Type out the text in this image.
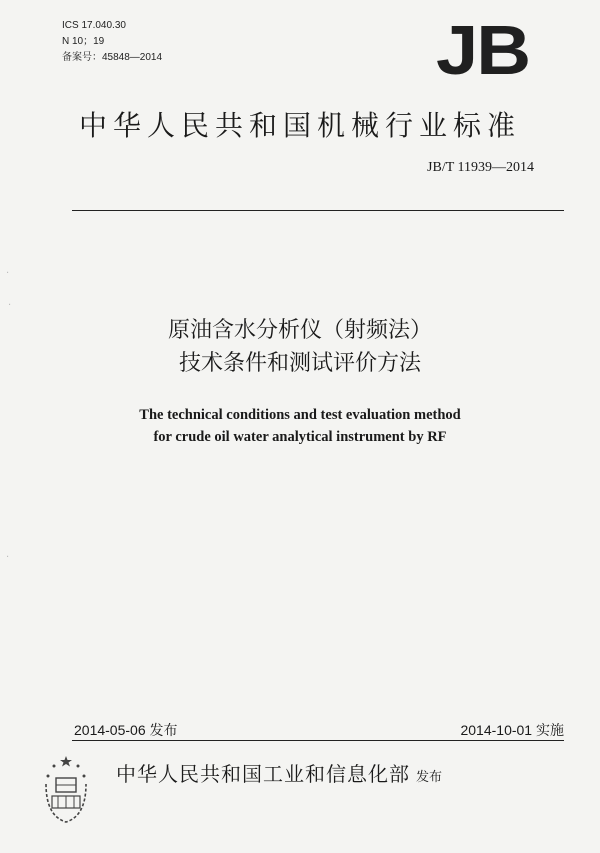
ICS 17.040.30
N 10；19
备案号：45848—2014	JB
中华人民共和国机械行业标准
JB/T 11939—2014
原油含水分析仪（射频法）
技术条件和测试评价方法
The technical conditions and test evaluation method
for crude oil water analytical instrument by RF
2014-05-06 发布	2014-10-01 实施
中华人民共和国工业和信息化部 发布
·
·
·
